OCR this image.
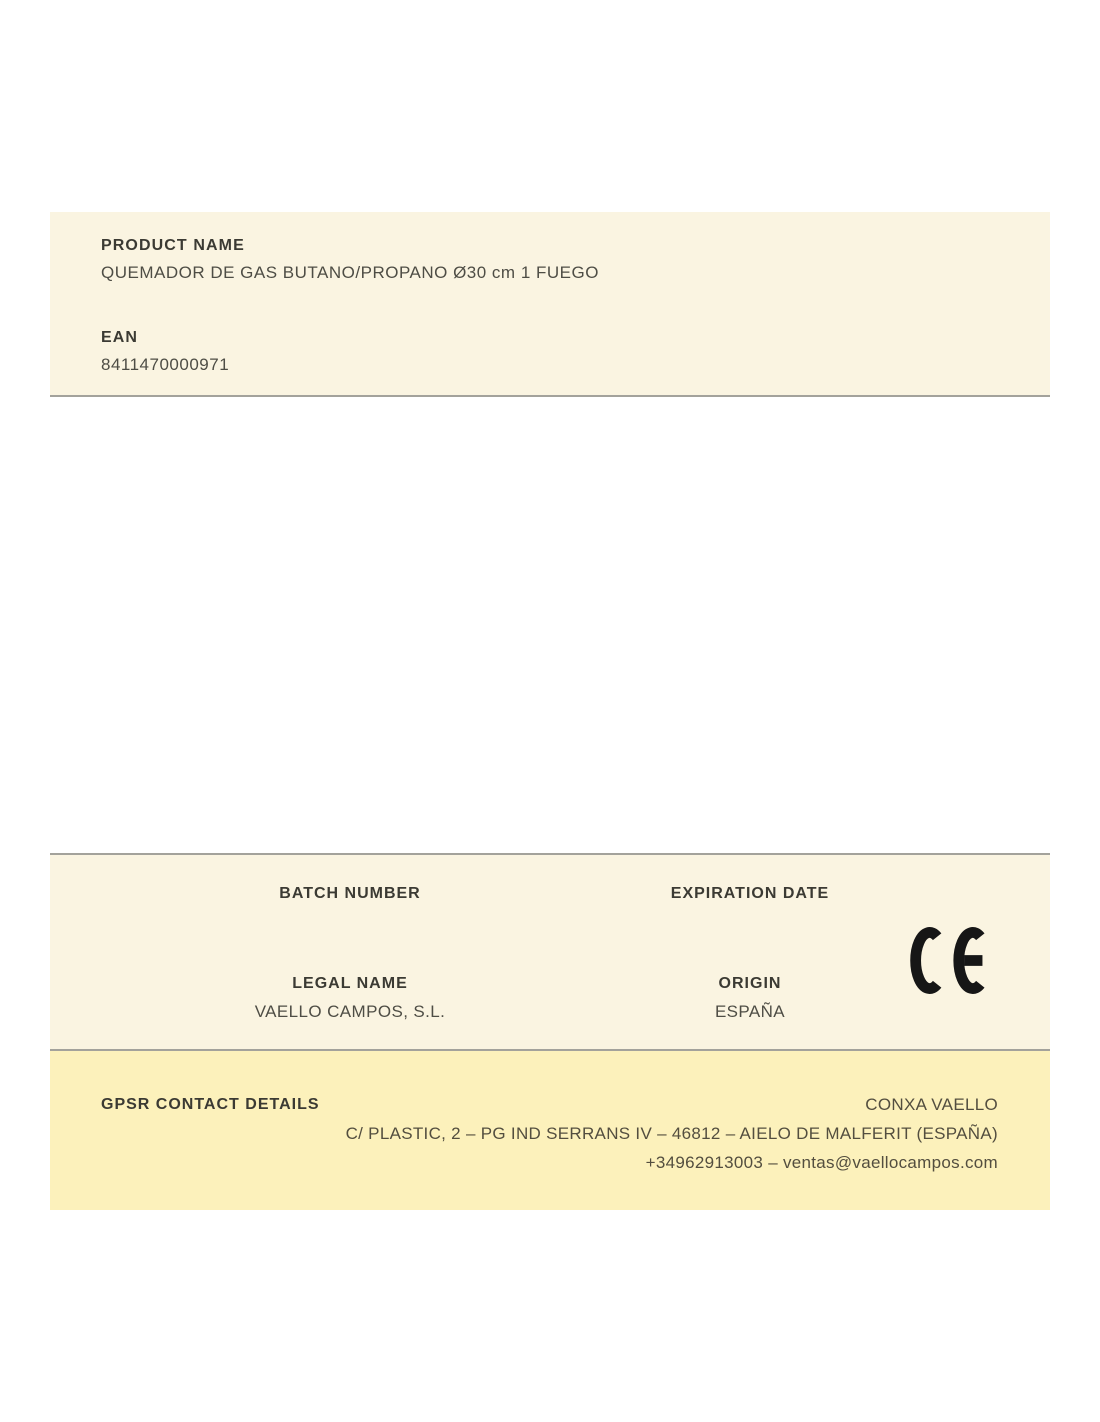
PRODUCT NAME
QUEMADOR DE GAS BUTANO/PROPANO Ø30 cm 1 FUEGO
EAN
8411470000971
BATCH NUMBER	EXPIRATION DATE
LEGAL NAME
VAELLO CAMPOS, S.L.
ORIGIN
ESPAÑA
GPSR CONTACT DETAILS	CONXA VAELLO
C/ PLASTIC, 2 – PG IND SERRANS IV – 46812 – AIELO DE MALFERIT (ESPAÑA)
+34962913003 – ventas@vaellocampos.com
